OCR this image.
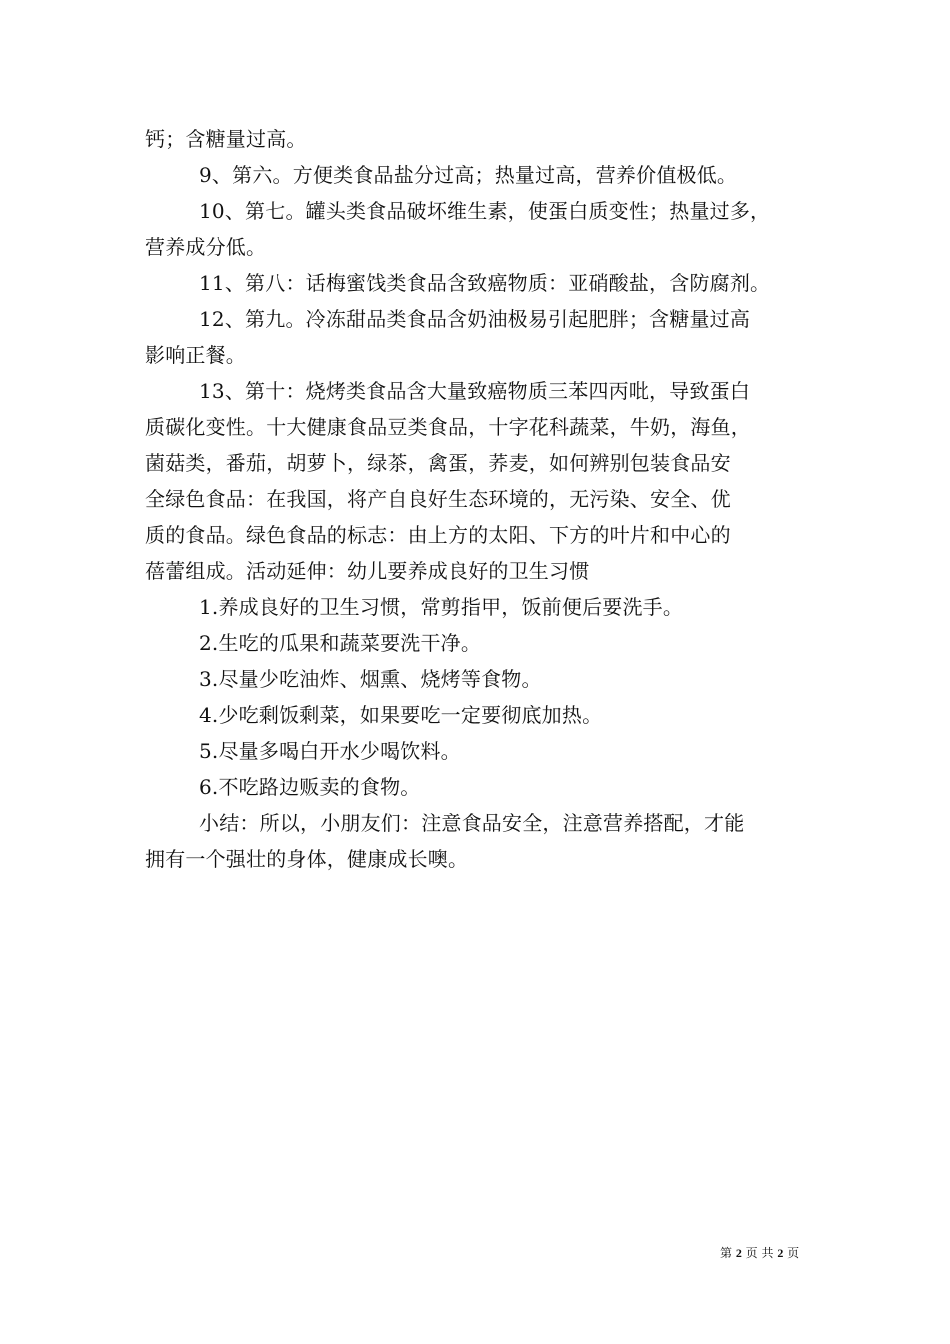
钙；含糖量过高。
9、第六。方便类食品盐分过高；热量过高，营养价值极低。
10、第七。罐头类食品破坏维生素，使蛋白质变性；热量过多，
营养成分低。
11、第八：话梅蜜饯类食品含致癌物质：亚硝酸盐，含防腐剂。
12、第九。冷冻甜品类食品含奶油极易引起肥胖；含糖量过高
影响正餐。
13、第十：烧烤类食品含大量致癌物质三苯四丙吡，导致蛋白
质碳化变性。十大健康食品豆类食品，十字花科蔬菜，牛奶，海鱼，
菌菇类，番茄，胡萝卜，绿茶，禽蛋，荞麦，如何辨别包装食品安
全绿色食品：在我国，将产自良好生态环境的，无污染、安全、优
质的食品。绿色食品的标志：由上方的太阳、下方的叶片和中心的
蓓蕾组成。活动延伸：幼儿要养成良好的卫生习惯
1.养成良好的卫生习惯，常剪指甲，饭前便后要洗手。
2.生吃的瓜果和蔬菜要洗干净。
3.尽量少吃油炸、烟熏、烧烤等食物。
4.少吃剩饭剩菜，如果要吃一定要彻底加热。
5.尽量多喝白开水少喝饮料。
6.不吃路边贩卖的食物。
小结：所以，小朋友们：注意食品安全，注意营养搭配，才能
拥有一个强壮的身体，健康成长噢。
第 2 页 共 2 页
